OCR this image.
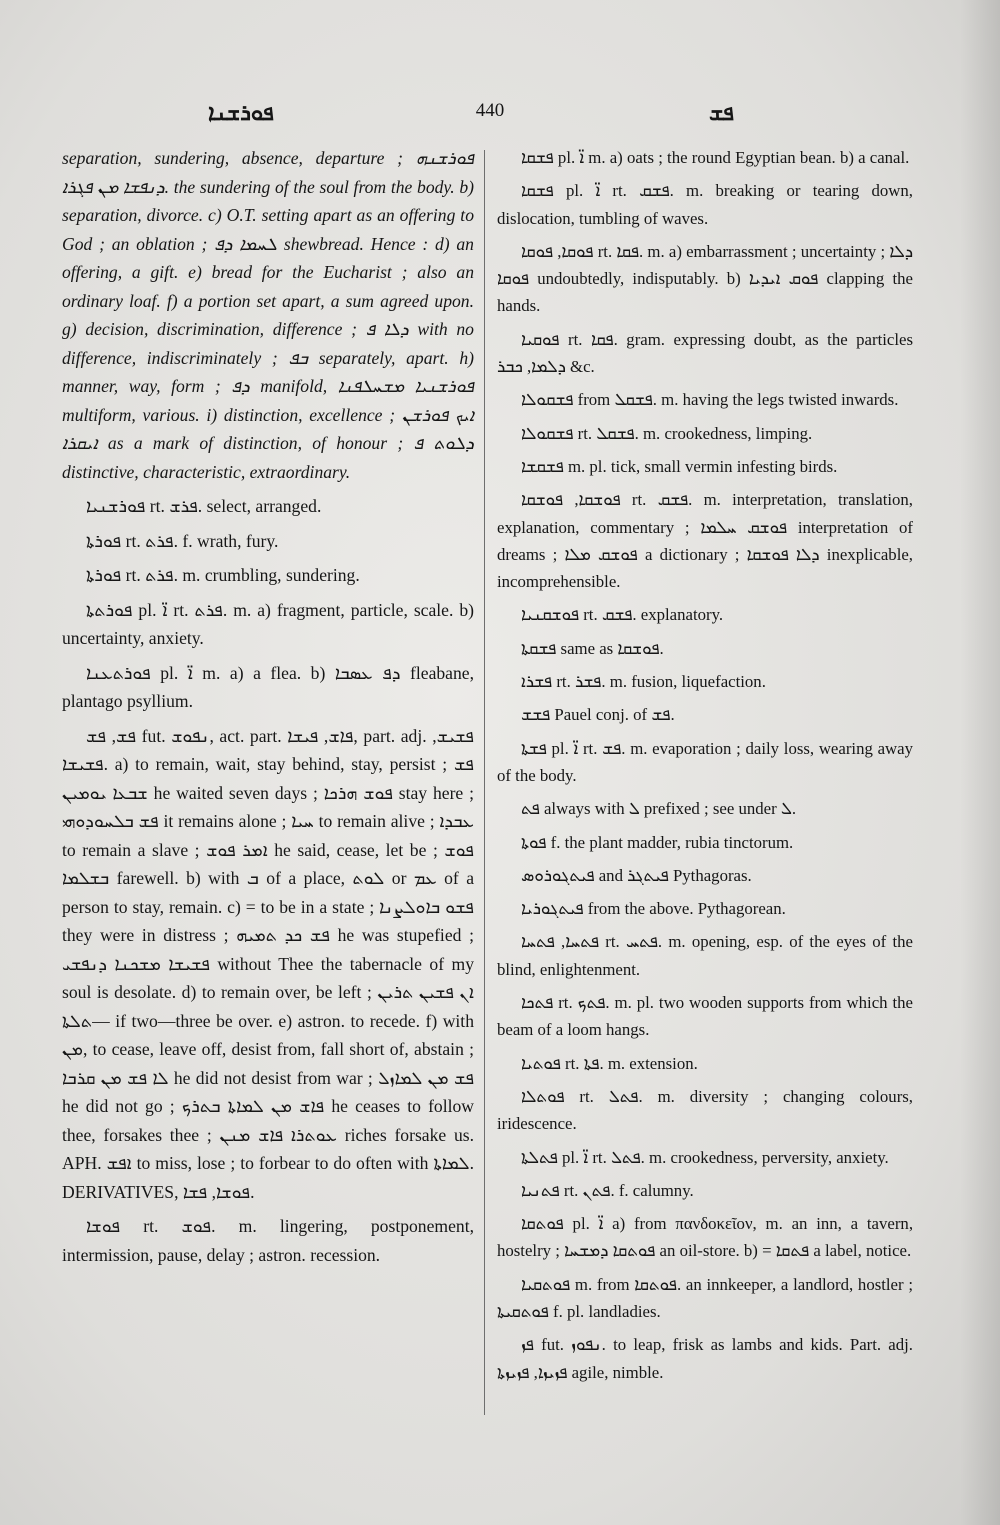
ܦܘܪܫܢܐ	440	ܦܫ

separation, sundering, absence, departure ; ܦܘܪܫܢܗ ܕܢܦܫܐ ܡܢ ܦܓܪܐ. the sundering of the soul from the body. b) separation, divorce. c) O.T. setting apart as an offering to God ; an oblation ; ܠܚܡܐ ܕܦ shewbread. Hence : d) an offering, a gift. e) bread for the Eucharist ; also an ordinary loaf. f) a portion set apart, a sum agreed upon. g) decision, discrimination, difference ; ܕܠܐ ܦ with no difference, indiscriminately ; ܒܦ separately, apart. h) manner, way, form ; ܕܦ manifold, ܦܘܪܫܢܝܐ ܡܫܚܠܦܢܐ multiform, various. i) distinction, excellence ; ܐܝܟ ܦܘܪܫܢ ܐܝܩܪܐ as a mark of distinction, of honour ; ܕܠܘܬ ܦ distinctive, characteristic, extraordinary.

ܦܘܪܫܢܝܐ rt. ܦܪܫ. select, arranged.

ܦܘܪܬܐ rt. ܦܪܬ. f. wrath, fury.

ܦܘܪܬܐ rt. ܦܪܬ. m. crumbling, sundering.

ܦܘܪܬܬܐ pl. ܐ̈ rt. ܦܪܬ. m. a) fragment, particle, scale. b) uncertainty, anxiety.

ܦܘܪܬܥܢܐ pl. ܐ̈ m. a) a flea. b) ܕܦ ܥܣܒܐ fleabane, plantago psyllium.

ܦܫ, ܦܫ fut. ܢܦܘܫ, act. part. ܦܐܫ, ܦܝܫܐ, part. adj. ܦܫܝܫ, ܦܫܝܫܐ. a) to remain, wait, stay behind, stay, persist ; ܦܫ ܫܒܥܐ ܝܘܡܝܢ he waited seven days ; ܦܘܫ ܗܪܟܐ stay here ; ܦܫ ܒܠܚܘܕܘܗܝ it remains alone ; ܚܝܐ to remain alive ; ܥܒܕܐ to remain a slave ; ܐܡܪ ܦܘܫ he said, cease, let be ; ܦܘܫ ܒܫܠܡܐ farewell. b) with ܒ of a place, ܠܘܬ or ܥܡ of a person to stay, remain. c) = to be in a state ; ܦܫܘ ܒܐܘܠܨܢܐ they were in distress ; ܦܫ ܟܕ ܬܡܝܗ he was stupefied ; ܦܫܝܫܐ ܡܫܟܢܐ ܕܢܦܫܝ without Thee the tabernacle of my soul is desolate. d) to remain over, be left ; ܐܢ ܦܫܝܢ ܬܪܝܢ—ܬܠܬܐ if two—three be over. e) astron. to recede. f) with ܡܢ, to cease, leave off, desist from, fall short of, abstain ; ܠܐ ܦܫ ܡܢ ܩܪܒܐ he did not desist from war ; ܦܫ ܡܢ ܠܡܐܙܠ he did not go ; ܦܐܫ ܡܢ ܠܡܐܬܐ ܒܬܪܟ he ceases to follow thee, forsakes thee ; ܥܘܬܪܐ ܦܐܫ ܡܢܢ riches forsake us. APH. ܐܦܫ to miss, lose ; to forbear to do often with ܠܡܐܬܐ. DERIVATIVES, ܦܘܫܐ, ܦܫܐ.

ܦܘܫܐ rt. ܦܘܫ. m. lingering, postponement, intermission, pause, delay ; astron. recession.

ܦܫܩܐ pl. ܐ̈ m. a) oats ; the round Egyptian bean. b) a canal.

ܦܫܩܐ pl. ܐ̈ rt. ܦܫܩ. m. breaking or tearing down, dislocation, tumbling of waves.

ܦܘܩܐ, ܦܘܩܐ rt. ܦܩܐ. m. a) embarrassment ; uncertainty ; ܕܠܐ ܦܘܩܐ undoubtedly, indisputably. b) ܦܘܩ ܐܝܕܝܐ clapping the hands.

ܦܘܩܝܐ rt. ܦܩܐ. gram. expressing doubt, as the particles ܕܠܡܐ, ܟܒܪ &c.

ܦܫܩܘܠܐ from ܦܫܩܠ. m. having the legs twisted inwards.

ܦܫܩܘܠܐ rt. ܦܫܩܠ. m. crookedness, limping.

ܦܫܩܫܐ m. pl. tick, small vermin infesting birds.

ܦܘܫܩܐ, ܦܘܫܩܐ rt. ܦܫܩ. m. interpretation, translation, explanation, commentary ; ܦܘܫܩ ܚܠܡܐ interpretation of dreams ; ܦܘܫܩ ܡܠܐ a dictionary ; ܕܠܐ ܦܘܫܩܐ inexplicable, incomprehensible.

ܦܘܫܩܢܝܐ rt. ܦܫܩ. explanatory.

ܦܫܩܬܐ same as ܦܘܫܩܐ.

ܦܫܪܐ rt. ܦܫܪ. m. fusion, liquefaction.

ܦܫܫ Pauel conj. of ܦܫ.

ܦܫܬܐ pl. ܐ̈ rt. ܦܫ. m. evaporation ; daily loss, wearing away of the body.

ܦܬ always with ܠ prefixed ; see under ܠ.

ܦܘܬܐ f. the plant madder, rubia tinctorum.

ܦܝܬܓܘܪܘܣ and ܦܝܬܓܪ Pythagoras.

ܦܝܬܓܘܪܝܐ from the above. Pythagorean.

ܦܬܚܐ, ܦܬܚܐ rt. ܦܬܚ. m. opening, esp. of the eyes of the blind, enlightenment.

ܦܬܟܐ rt. ܦܬܟ. m. pl. two wooden supports from which the beam of a loom hangs.

ܦܘܬܝܐ rt. ܦܬܐ. m. extension.

ܦܘܬܠܐ rt. ܦܬܠ. m. diversity ; changing colours, iridescence.

ܦܬܠܬܐ pl. ܐ̈ rt. ܦܬܠ. m. crookedness, perversity, anxiety.

ܦܬܢܝܐ rt. ܦܬܢ. f. calumny.

ܦܘܬܩܐ pl. ܐ̈ a) from πανδοκεῖον, m. an inn, a tavern, hostelry ; ܦܘܬܩܐ ܕܡܫܚܐ an oil-store. b) = ܦܬܩܐ a label, notice.

ܦܘܬܩܝܐ m. from ܦܘܬܩܐ. an innkeeper, a landlord, hostler ; ܦܘܬܩܝܬܐ f. pl. landladies.

ܦܙ fut. ܢܦܘܙ. to leap, frisk as lambs and kids. Part. adj. ܦܙܝܙܐ, ܦܙܝܙܬܐ agile, nimble.
